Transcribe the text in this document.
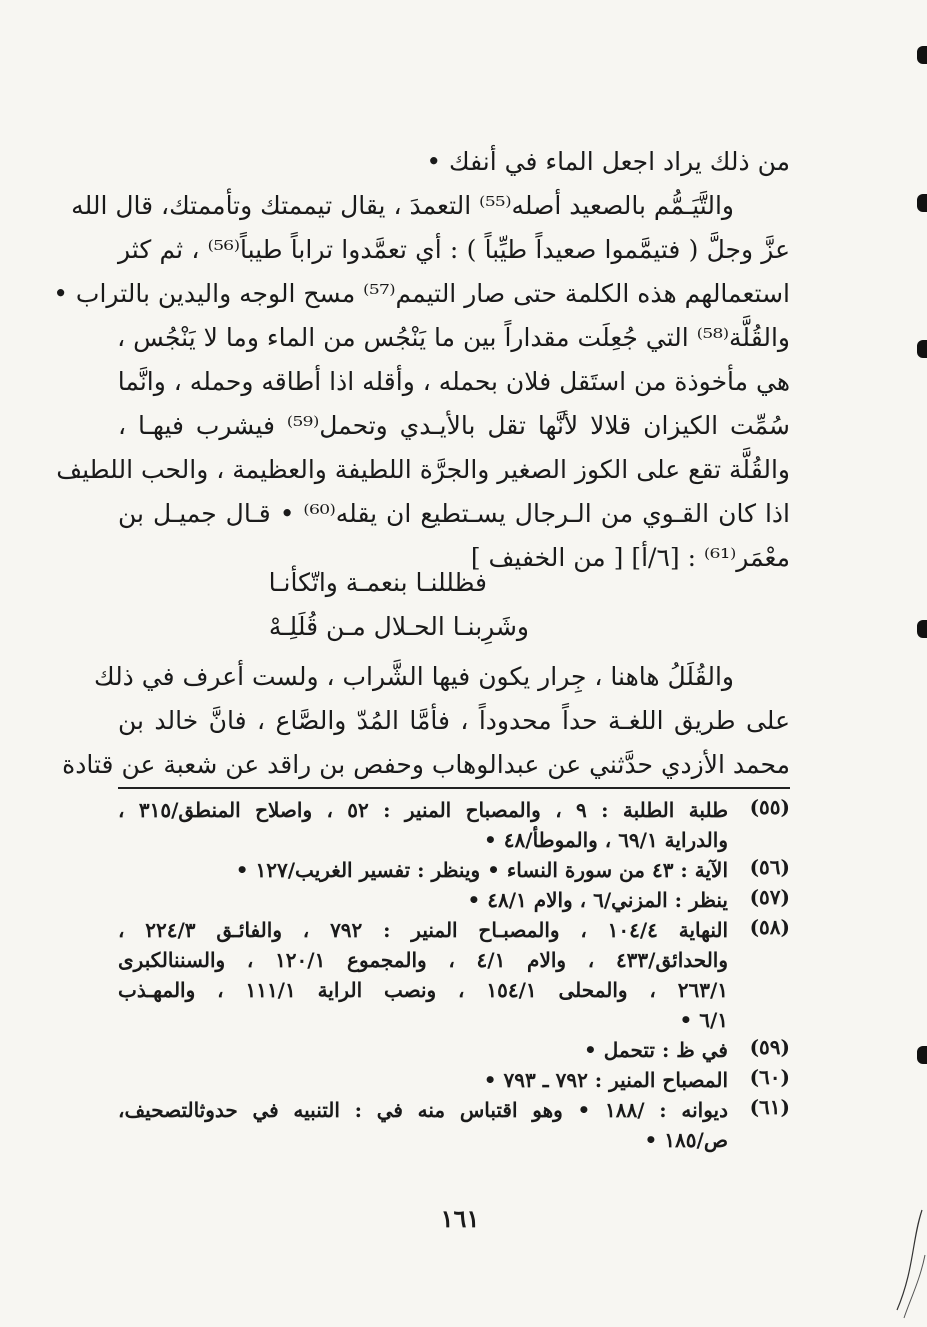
من ذلك يراد اجعل الماء في أنفك •
والتَّيَـمُّم بالصعيد أصله⁽⁵⁵⁾ التعمدَ ، يقال تيممتك وتأممتك، قال الله
عزَّ وجلَّ ( فتيمَّموا صعيداً طيِّباً ) : أي تعمَّدوا تراباً طيباً⁽⁵⁶⁾ ، ثم كثر
استعمالهم هذه الكلمة حتى صار التيمم⁽⁵⁷⁾ مسح الوجه واليدين بالتراب •
والقُلَّة⁽⁵⁸⁾ التي جُعِلَت مقداراً بين ما يَنْجُس من الماء وما لا يَنْجُس ،
هي مأخوذة من استَقل فلان بحمله ، وأقله اذا أطاقه وحمله ، وانَّما
سُمِّت الكيزان قلالا لأنَّها تقل بالأيـدي وتحمل⁽⁵⁹⁾ فيشرب فيهـا ،
والقُلَّة تقع على الكوز الصغير والجرَّة اللطيفة والعظيمة ، والحب اللطيف
اذا كان القـوي من الـرجال يسـتطيع ان يقله⁽⁶⁰⁾ • قـال جميـل بن
معْمَر⁽⁶¹⁾ : [٦/أ] [ من الخفيف ]
فظللنـا بنعمـة واتّكأنـا
وشَرِبنـا الحـلال مـن قُلَلِـهْ
والقُلَلُ هاهنا ، جِرار يكون فيها الشَّراب ، ولست أعرف في ذلك
على طريق اللغـة حداً محدوداً ، فأمَّا المُدّ والصَّاع ، فانَّ خالد بن
محمد الأزدي حدَّثني عن عبدالوهاب وحفص بن راقد عن شعبة عن قتادة
(٥٥)
طلبة الطلبة : ٩ ، والمصباح المنير : ٥٢ ، واصلاح المنطق/٣١٥ ،
والدراية ٦٩/١ ، والموطأ/٤٨ •
(٥٦)
الآية : ٤٣ من سورة النساء • وينظر : تفسير الغريب/١٢٧ •
(٥٧)
ينظر : المزني/٦ ، والام ٤٨/١ •
(٥٨)
النهاية ١٠٤/٤ ، والمصبـاح المنير : ٧٩٢ ، والفائـق ٢٢٤/٣ ،
والحدائق/٤٣٣ ، والام ٤/١ ، والمجموع ١٢٠/١ ، والسننالكبرى
٢٦٣/١ ، والمحلى ١٥٤/١ ، ونصب الراية ١١١/١ ، والمهـذب
٦/١ •
(٥٩)
في ظ : تتحمل •
(٦٠)
المصباح المنير : ٧٩٢ ـ ٧٩٣ •
(٦١)
ديوانه : /١٨٨ • وهو اقتباس منه في : التنبيه في حدوثالتصحيف،
ص/١٨٥ •
١٦١
